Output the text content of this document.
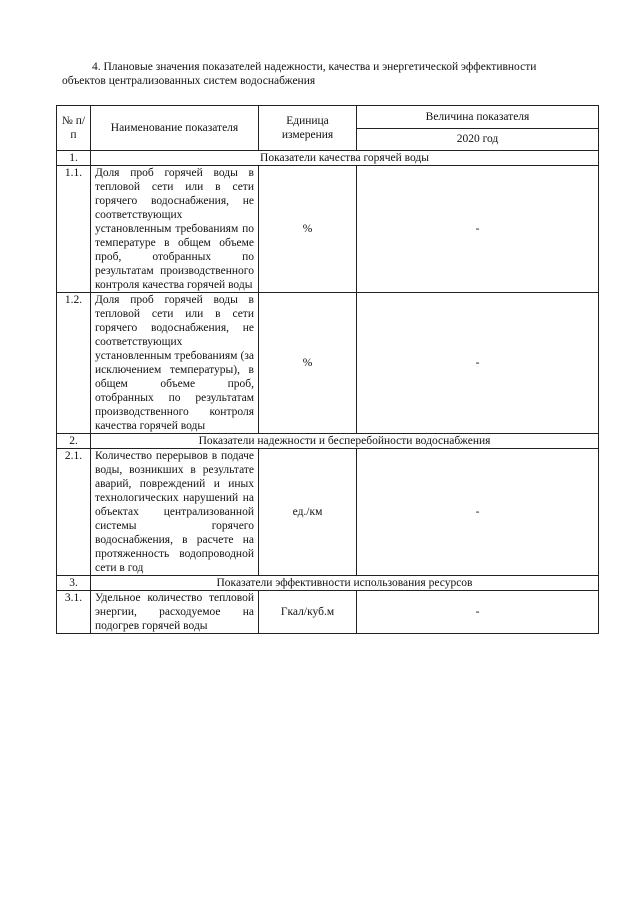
4. Плановые значения показателей надежности, качества и энергетической эффективности
объектов централизованных систем водоснабжения
№ п/п	Наименование показателя	Единица измерения	Величина показателя
			2020 год
1.	Показатели качества горячей воды		
1.1.	Доля проб горячей воды в тепловой сети или в сети горячего водоснабжения, не соответствующих установленным требованиям по температуре в общем объеме проб, отобранных по результатам производственного контроля качества горячей воды	%	-
1.2.	Доля проб горячей воды в тепловой сети или в сети горячего водоснабжения, не соответствующих установленным требованиям (за исключением температуры), в общем объеме проб, отобранных по результатам производственного контроля качества горячей воды	%	-
2.	Показатели надежности и бесперебойности водоснабжения		
2.1.	Количество перерывов в подаче воды, возникших в результате аварий, повреждений и иных технологических нарушений на объектах централизованной системы горячего водоснабжения, в расчете на протяженность водопроводной сети в год	ед./км	-
3.	Показатели эффективности использования ресурсов		
3.1.	Удельное количество тепловой энергии, расходуемое на подогрев горячей воды	Гкал/куб.м	-
